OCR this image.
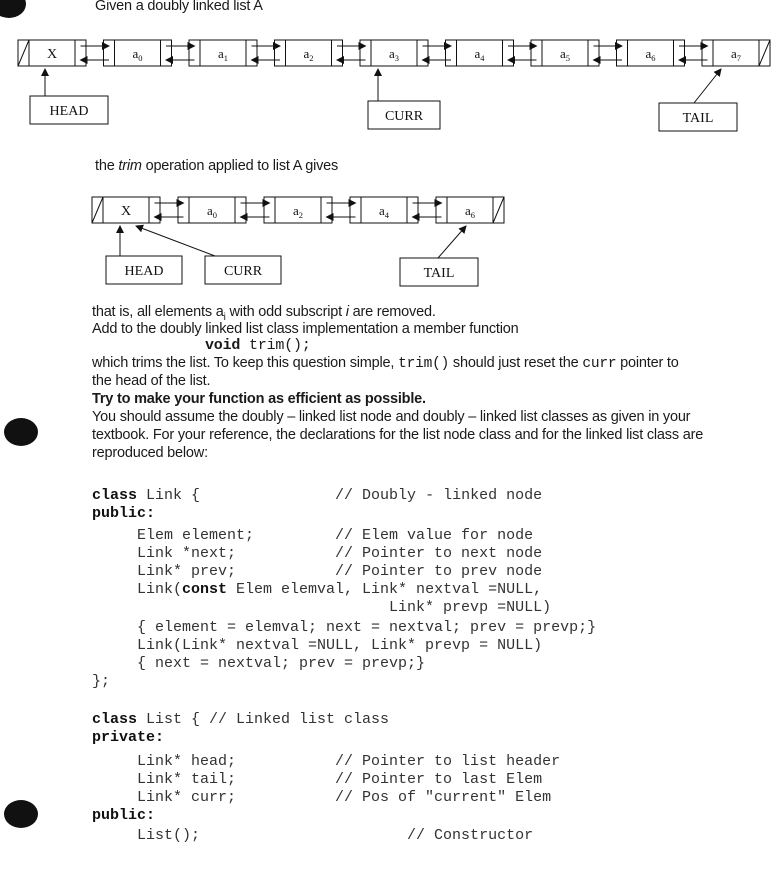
Given a doubly linked list A
X	$a_0$	$a_1$	$a_2$	$a_3$	$a_4$	$a_5$	$a_6$	$a_7$
HEAD	CURR	TAIL
X	$a_0$	$a_2$	$a_4$	$a_6$
HEAD	CURR	TAIL
the trim operation applied to list A gives
that is, all elements $a_i$ with odd subscript i are removed.
Add to the doubly linked list class implementation a member function
void trim();
which trims the list. To keep this question simple, trim() should just reset the curr pointer to
the head of the list.
Try to make your function as efficient as possible.
You should assume the doubly – linked list node and doubly – linked list classes as given in your
textbook. For your reference, the declarations for the list node class and for the linked list class are
reproduced below:
class Link {               // Doubly - linked node
public:
Elem element;         // Elem value for node
Link *next;           // Pointer to next node
Link* prev;           // Pointer to prev node
Link(const Elem elemval, Link* nextval =NULL,
Link* prevp =NULL)
{ element = elemval; next = nextval; prev = prevp;}
Link(Link* nextval =NULL, Link* prevp = NULL)
{ next = nextval; prev = prevp;}
};
class List { // Linked list class
private:
Link* head;           // Pointer to list header
Link* tail;           // Pointer to last Elem
Link* curr;           // Pos of "current" Elem
public:
List();                       // Constructor
